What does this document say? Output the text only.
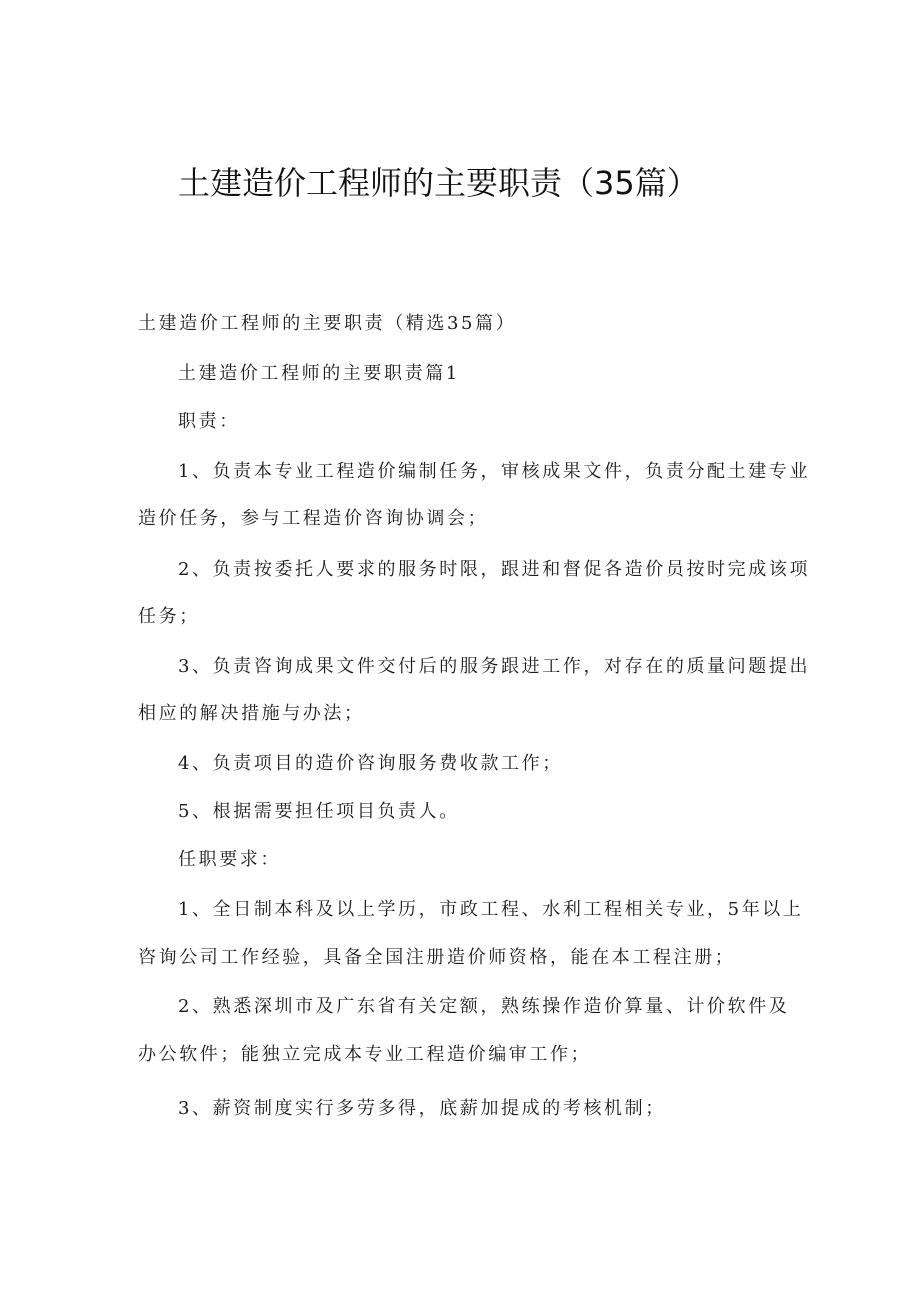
土建造价工程师的主要职责（35篇）

土建造价工程师的主要职责（精选35篇）

土建造价工程师的主要职责篇1

职责：

1、负责本专业工程造价编制任务，审核成果文件，负责分配土建专业

造价任务，参与工程造价咨询协调会；

2、负责按委托人要求的服务时限，跟进和督促各造价员按时完成该项

任务；

3、负责咨询成果文件交付后的服务跟进工作，对存在的质量问题提出

相应的解决措施与办法；

4、负责项目的造价咨询服务费收款工作；

5、根据需要担任项目负责人。

任职要求：

1、全日制本科及以上学历，市政工程、水利工程相关专业，5年以上

咨询公司工作经验，具备全国注册造价师资格，能在本工程注册；

2、熟悉深圳市及广东省有关定额，熟练操作造价算量、计价软件及

办公软件；能独立完成本专业工程造价编审工作；

3、薪资制度实行多劳多得，底薪加提成的考核机制；
